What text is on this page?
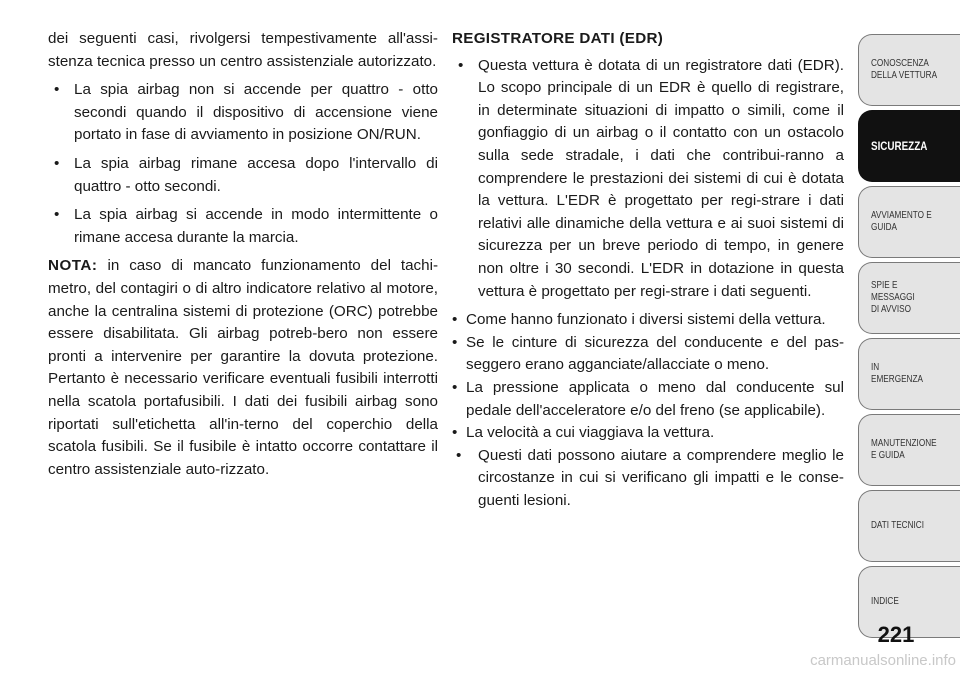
dei seguenti casi, rivolgersi tempestivamente all'assi-stenza tecnica presso un centro assistenziale autorizzato.

• La spia airbag non si accende per quattro - otto secondi quando il dispositivo di accensione viene portato in fase di avviamento in posizione ON/RUN.
• La spia airbag rimane accesa dopo l'intervallo di quattro - otto secondi.
• La spia airbag si accende in modo intermittente o rimane accesa durante la marcia.

NOTA: in caso di mancato funzionamento del tachi-metro, del contagiri o di altro indicatore relativo al motore, anche la centralina sistemi di protezione (ORC) potrebbe essere disabilitata. Gli airbag potreb-bero non essere pronti a intervenire per garantire la dovuta protezione. Pertanto è necessario verificare eventuali fusibili interrotti nella scatola portafusibili. I dati dei fusibili airbag sono riportati sull'etichetta all'in-terno del coperchio della scatola fusibili. Se il fusibile è intatto occorre contattare il centro assistenziale auto-rizzato.

REGISTRATORE DATI (EDR)
• Questa vettura è dotata di un registratore dati (EDR). Lo scopo principale di un EDR è quello di registrare, in determinate situazioni di impatto o simili, come il gonfiaggio di un airbag o il contatto con un ostacolo sulla sede stradale, i dati che contribui-ranno a comprendere le prestazioni dei sistemi di cui è dotata la vettura. L'EDR è progettato per regi-strare i dati relativi alle dinamiche della vettura e ai suoi sistemi di sicurezza per un breve periodo di tempo, in genere non oltre i 30 secondi. L'EDR in dotazione in questa vettura è progettato per regi-strare i dati seguenti.
• Come hanno funzionato i diversi sistemi della vettura.
• Se le cinture di sicurezza del conducente e del pas-seggero erano agganciate/allacciate o meno.
• La pressione applicata o meno dal conducente sul pedale dell'acceleratore e/o del freno (se applicabile).
• La velocità a cui viaggiava la vettura.
• Questi dati possono aiutare a comprendere meglio le circostanze in cui si verificano gli impatti e le conse-guenti lesioni.
CONOSCENZA
DELLA VETTURA
SICUREZZA
AVVIAMENTO E
GUIDA
SPIE E
MESSAGGI
DI AVVISO
IN
EMERGENZA
MANUTENZIONE
E GUIDA
DATI TECNICI
INDICE
221
carmanualsonline.info
